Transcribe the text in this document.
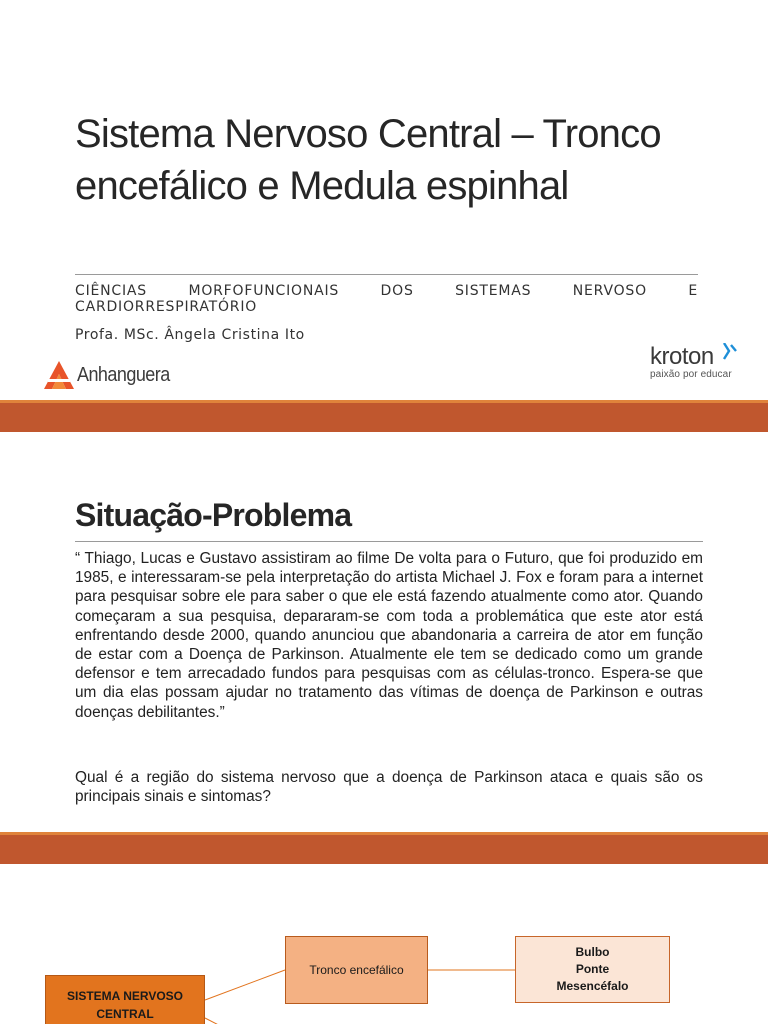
Sistema Nervoso Central – Tronco encefálico e Medula espinhal
CIÊNCIAS MORFOFUNCIONAIS DOS SISTEMAS NERVOSO E CARDIORRESPIRATÓRIO
Profa. MSc. Ângela Cristina Ito
Anhanguera
kroton
paixão por educar
Situação-Problema

“ Thiago, Lucas e Gustavo assistiram ao filme De volta para o Futuro, que foi produzido em 1985, e interessaram-se pela interpretação do artista Michael J. Fox e foram para a internet para pesquisar sobre ele para saber o que ele está fazendo atualmente como ator. Quando começaram a sua pesquisa, depararam-se com toda a problemática que este ator está enfrentando desde 2000, quando anunciou que abandonaria a carreira de ator em função de estar com a Doença de Parkinson. Atualmente ele tem se dedicado como um grande defensor e tem arrecadado fundos para pesquisas com as células-tronco. Espera-se que um dia elas possam ajudar no tratamento das vítimas de doença de Parkinson e outras doenças debilitantes.”

Qual é a região do sistema nervoso que a doença de Parkinson ataca e quais são os principais sinais e sintomas?

Tronco encefálico
Bulbo
Ponte
Mesencéfalo
SISTEMA NERVOSO
CENTRAL
